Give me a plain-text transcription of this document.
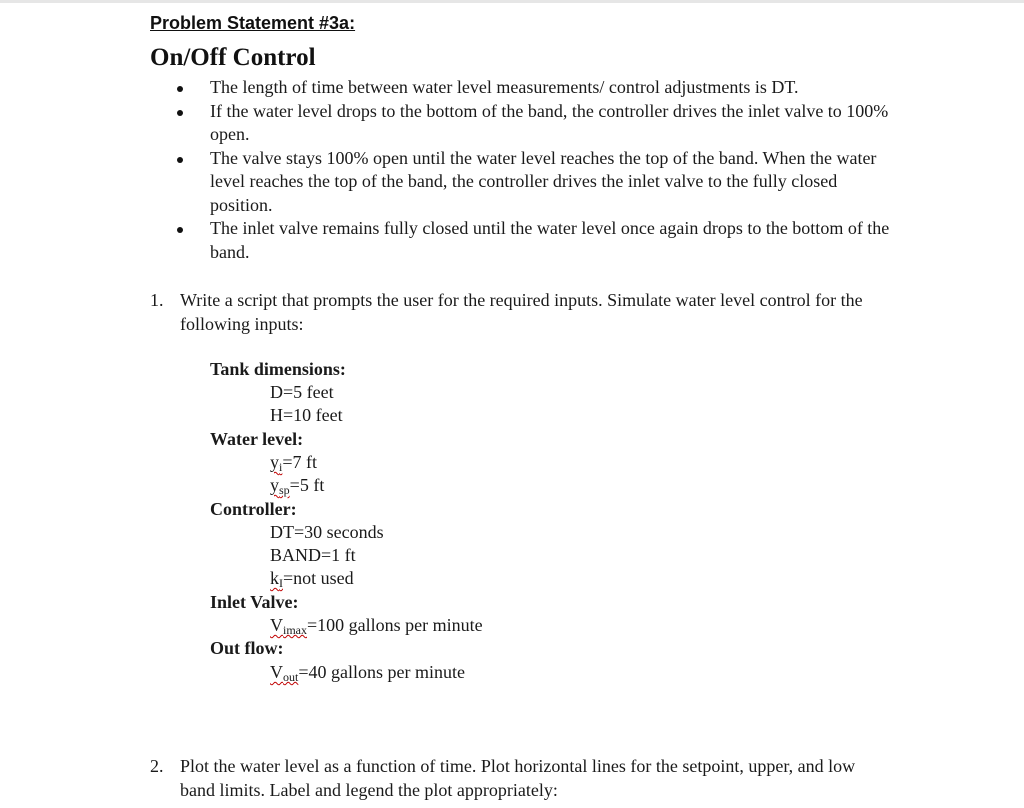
Problem Statement #3a:
On/Off Control
The length of time between water level measurements/ control adjustments is DT.
If the water level drops to the bottom of the band, the controller drives the inlet valve to 100% open.
The valve stays 100% open until the water level reaches the top of the band. When the water level reaches the top of the band, the controller drives the inlet valve to the fully closed position.
The inlet valve remains fully closed until the water level once again drops to the bottom of the band.
1. Write a script that prompts the user for the required inputs. Simulate water level control for the following inputs:
Tank dimensions:
D=5 feet
H=10 feet
Water level:
$y_i=7$ ft
$y_{sp}=5$ ft
Controller:
DT=30 seconds
BAND=1 ft
$k_I=not$ used
Inlet Valve:
$V_{imax}=100$ gallons per minute
Out flow:
$V_{out}=40$ gallons per minute
2. Plot the water level as a function of time. Plot horizontal lines for the setpoint, upper, and low band limits. Label and legend the plot appropriately:
